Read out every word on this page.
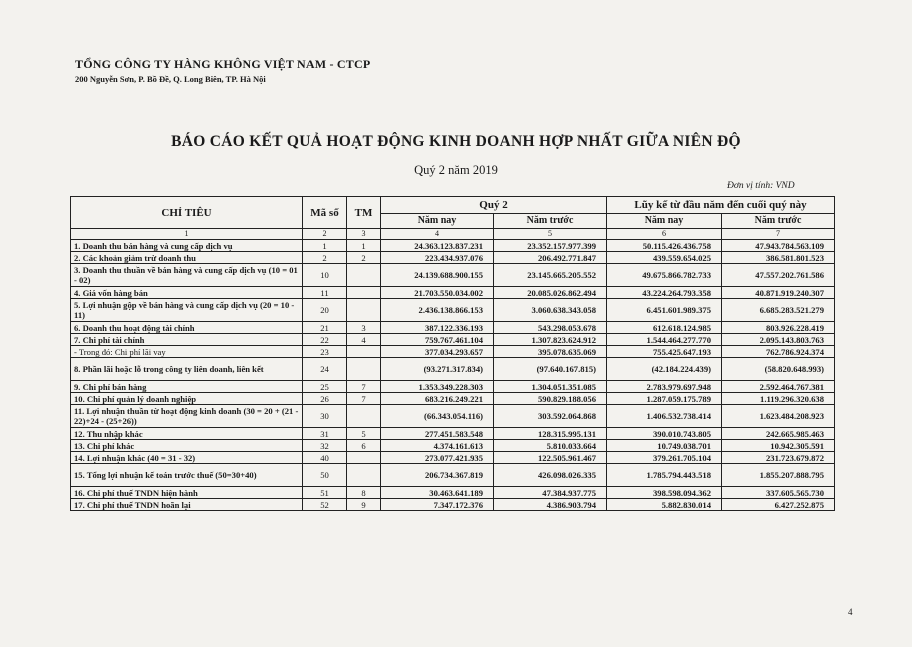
TỔNG CÔNG TY HÀNG KHÔNG VIỆT NAM - CTCP
200 Nguyễn Sơn, P. Bồ Đề, Q. Long Biên, TP. Hà Nội
BÁO CÁO KẾT QUẢ HOẠT ĐỘNG KINH DOANH HỢP NHẤT GIỮA NIÊN ĐỘ
Quý 2 năm 2019
Đơn vị tính: VND
CHỈ TIÊU	Mã số	TM	Quý 2		Lũy kế từ đầu năm đến cuối quý này	
			Năm nay	Năm trước	Năm nay	Năm trước
1	2	3	4	5	6	7
1. Doanh thu bán hàng và cung cấp dịch vụ	1	1	24.363.123.837.231	23.352.157.977.399	50.115.426.436.758	47.943.784.563.109
2. Các khoản giảm trừ doanh thu	2	2	223.434.937.076	206.492.771.847	439.559.654.025	386.581.801.523
3. Doanh thu thuần về bán hàng và cung cấp dịch vụ (10 = 01 - 02)	10		24.139.688.900.155	23.145.665.205.552	49.675.866.782.733	47.557.202.761.586
4. Giá vốn hàng bán	11		21.703.550.034.002	20.085.026.862.494	43.224.264.793.358	40.871.919.240.307
5. Lợi nhuận gộp về bán hàng và cung cấp dịch vụ (20 = 10 - 11)	20		2.436.138.866.153	3.060.638.343.058	6.451.601.989.375	6.685.283.521.279
6. Doanh thu hoạt động tài chính	21	3	387.122.336.193	543.298.053.678	612.618.124.985	803.926.228.419
7. Chi phí tài chính	22	4	759.767.461.104	1.307.823.624.912	1.544.464.277.770	2.095.143.803.763
- Trong đó: Chi phí lãi vay	23		377.034.293.657	395.078.635.069	755.425.647.193	762.786.924.374
8. Phần lãi hoặc lỗ trong công ty liên doanh, liên kết	24		(93.271.317.834)	(97.640.167.815)	(42.184.224.439)	(58.820.648.993)
9. Chi phí bán hàng	25	7	1.353.349.228.303	1.304.051.351.085	2.783.979.697.948	2.592.464.767.381
10. Chi phí quản lý doanh nghiệp	26	7	683.216.249.221	590.829.188.056	1.287.059.175.789	1.119.296.320.638
11. Lợi nhuận thuần từ hoạt động kinh doanh (30 = 20 + (21 - 22)+24 - (25+26))	30		(66.343.054.116)	303.592.064.868	1.406.532.738.414	1.623.484.208.923
12. Thu nhập khác	31	5	277.451.583.548	128.315.995.131	390.010.743.805	242.665.985.463
13. Chi phí khác	32	6	4.374.161.613	5.810.033.664	10.749.038.701	10.942.305.591
14. Lợi nhuận khác (40 = 31 - 32)	40		273.077.421.935	122.505.961.467	379.261.705.104	231.723.679.872
15. Tổng lợi nhuận kế toán trước thuế (50=30+40)	50		206.734.367.819	426.098.026.335	1.785.794.443.518	1.855.207.888.795
16. Chi phí thuế TNDN hiện hành	51	8	30.463.641.189	47.384.937.775	398.598.094.362	337.605.565.730
17. Chi phí thuế TNDN hoãn lại	52	9	7.347.172.376	4.386.903.794	5.882.830.014	6.427.252.875
4
